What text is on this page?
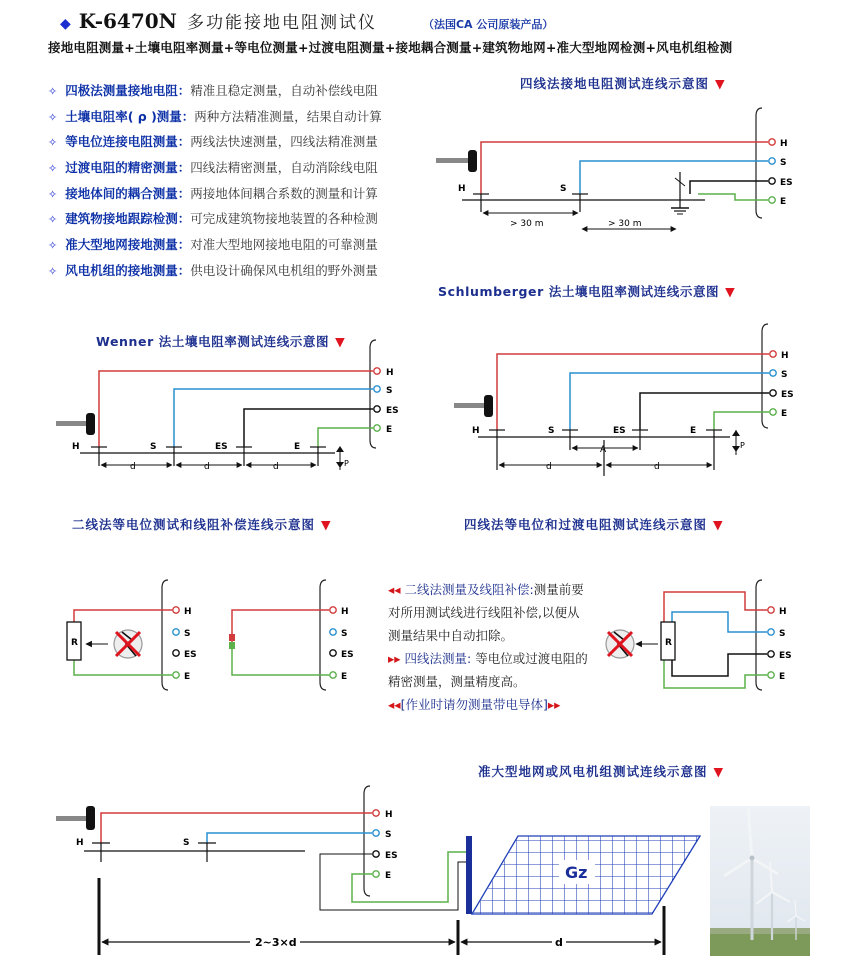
◆ K-6470N 多功能接地电阻测试仪	（法国CA 公司原装产品）
接地电阻测量+土壤电阻率测量+等电位测量+过渡电阻测量+接地耦合测量+建筑物地网+准大型地网检测+风电机组检测
✧ 四极法测量接地电阻：精准且稳定测量，自动补偿线电阻
✧ 土壤电阻率( ρ )测量：两种方法精准测量，结果自动计算
✧ 等电位连接电阻测量：两线法快速测量，四线法精准测量
✧ 过渡电阻的精密测量：四线法精密测量，自动消除线电阻
✧ 接地体间的耦合测量：两接地体间耦合系数的测量和计算
✧ 建筑物接地跟踪检测：可完成建筑物接地装置的各种检测
✧ 准大型地网接地测量：对准大型地网接地电阻的可靠测量
✧ 风电机组的接地测量：供电设计确保风电机组的野外测量
四线法接地电阻测试连线示意图 ▼
Schlumberger 法土壤电阻率测试连线示意图 ▼
Wenner 法土壤电阻率测试连线示意图 ▼
二线法等电位测试和线阻补偿连线示意图 ▼	四线法等电位和过渡电阻测试连线示意图 ▼
准大型地网或风电机组测试连线示意图 ▼
◂◂ 二线法测量及线阻补偿:测量前要对所用测试线进行线阻补偿,以便从测量结果中自动扣除。
▸▸ 四线法测量: 等电位或过渡电阻的精密测量，测量精度高。
◂◂[作业时请勿测量带电导体]▸▸
H
S
ES
E
H	S
> 30 m	> 30 m
H
S
ES
E
H	S	ES	E
d	d	d	P
H
S
ES
E
H	S	ES	E
A
d	d
P
H
S
ES
E
R
H
S
ES
E
H
S
ES
E
R
H
S
ES
E
H	S
Gz
2~3×d	d
